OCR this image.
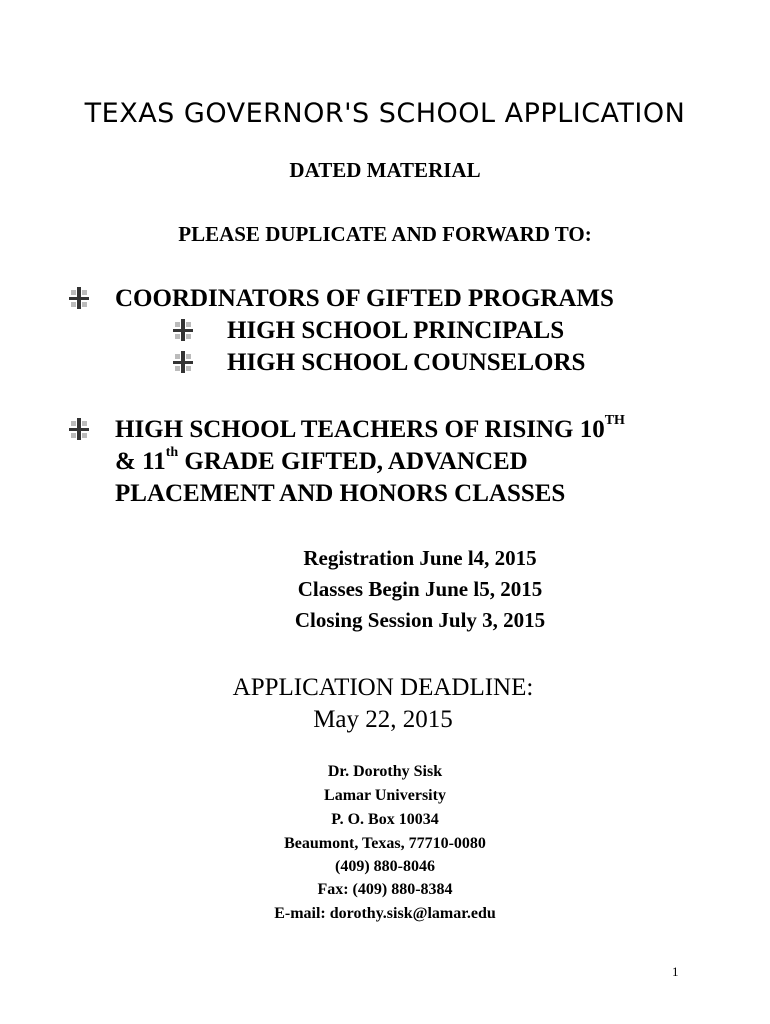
TEXAS GOVERNOR'S SCHOOL APPLICATION
DATED MATERIAL
PLEASE DUPLICATE AND FORWARD TO:
COORDINATORS OF GIFTED PROGRAMS
HIGH SCHOOL PRINCIPALS
HIGH SCHOOL COUNSELORS
HIGH SCHOOL TEACHERS OF RISING 10TH
& 11th GRADE GIFTED, ADVANCED
PLACEMENT AND HONORS CLASSES
Registration June l4, 2015
Classes Begin June l5, 2015
Closing Session July 3, 2015
APPLICATION DEADLINE:
May 22, 2015
Dr. Dorothy Sisk
Lamar University
P. O. Box 10034
Beaumont, Texas, 77710-0080
(409) 880-8046
Fax: (409) 880-8384
E-mail: dorothy.sisk@lamar.edu
1
